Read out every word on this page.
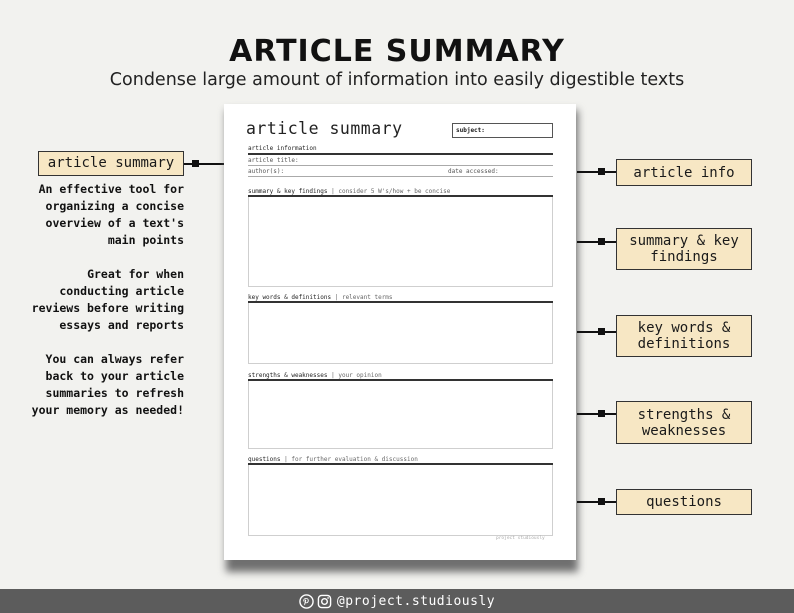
ARTICLE SUMMARY
Condense large amount of information into easily digestible texts
article summary
An effective tool for organizing a concise overview of a text's main points
Great for when conducting article reviews before writing essays and reports
You can always refer back to your article summaries to refresh your memory as needed!
article summary	subject:
article information
article title:
author(s):	date accessed:
summary & key findings | consider 5 W's/how + be concise
key words & definitions | relevant terms
strengths & weaknesses | your opinion
questions | for further evaluation & discussion
project studiously
article info
summary & key findings
key words & definitions
strengths & weaknesses
questions
@project.studiously
